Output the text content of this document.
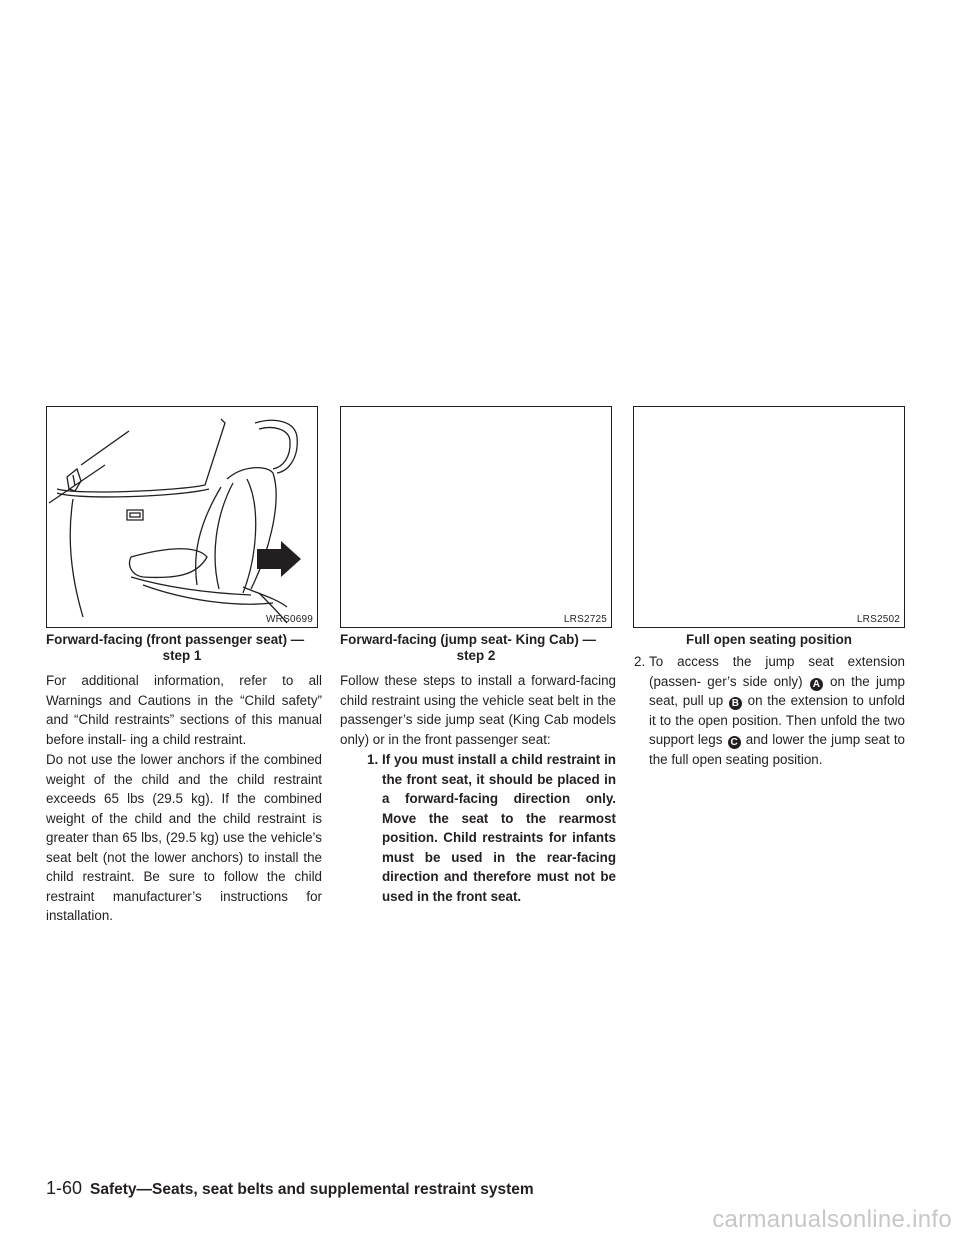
WRS0699	LRS2725	LRS2502
Forward-facing (front passenger seat) —
step 1
Forward-facing (jump seat- King Cab) —
step 2
Full open seating position

For additional information, refer to all Warnings and Cautions in the “Child safety” and “Child restraints” sections of this manual before install- ing a child restraint.

Do not use the lower anchors if the combined weight of the child and the child restraint exceeds 65 lbs (29.5 kg). If the combined weight of the child and the child restraint is greater than 65 lbs, (29.5 kg) use the vehicle’s seat belt (not the lower anchors) to install the child restraint. Be sure to follow the child restraint manufacturer’s instructions for installation.

Follow these steps to install a forward-facing child restraint using the vehicle seat belt in the passenger’s side jump seat (King Cab models only) or in the front passenger seat:

1. If you must install a child restraint in the front seat, it should be placed in a forward-facing direction only. Move the seat to the rearmost position. Child restraints for infants must be used in the rear-facing direction and therefore must not be used in the front seat.
2. To access the jump seat extension (passen- ger’s side only) A on the jump seat, pull up B on the extension to unfold it to the open position. Then unfold the two support legs C and lower the jump seat to the full open seating position.
1-60 Safety—Seats, seat belts and supplemental restraint system
carmanualsonline.info
